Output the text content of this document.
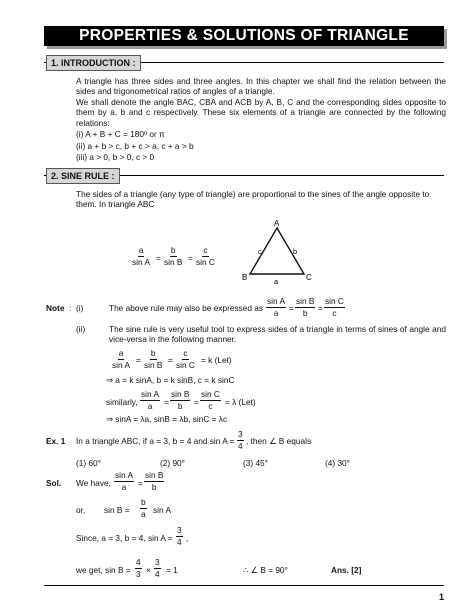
PROPERTIES & SOLUTIONS OF TRIANGLE
1. INTRODUCTION :
A triangle has three sides and three angles. In this chapter we shall find the relation between the sides and trigonometrical ratios of angles of a triangle.
We shall denote the angle BAC, CBA and ACB by A, B, C and the corresponding sides opposite to them by a, b and c respectively. These six elements of a triangle are connected by the following relations:
(i) A + B + C = 180º or π
(ii) a + b > c, b + c > a, c + a > b
(iii) a > 0, b > 0, c > 0
2. SINE RULE :
The sides of a triangle (any type of triangle) are proportional to the sines of the angle opposite to them. In triangle ABC
$\frac{a}{\text{sin A}} = \frac{b}{\text{sin B}} = \frac{c}{\text{sin C}}$
A
B	C
c	b
a
Note : (i)	The above rule may also be expressed as $\frac{\text{sin A}}{a} = \frac{\text{sin B}}{b} = \frac{\text{sin C}}{c}$
(ii)	The sine rule is very useful tool to express sides of a triangle in terms of sines of angle and vice-versa in the following manner.
$\frac{a}{\text{sin A}} = \frac{b}{\text{sin B}} = \frac{c}{\text{sin C}} = k$ (Let)
⇒ a = k sinA, b = k sinB, c = k sinC
similarly, $\frac{\text{sin A}}{a} = \frac{\text{sin B}}{b} = \frac{\text{sin C}}{c} = \lambda$ (Let)
⇒ sinA = λa, sinB = λb, sinC = λc
Ex. 1 In a triangle ABC, if a = 3, b = 4 and $\sin A = \frac{3}{4}$ , then ∠ B equals
(1) 60°	(2) 90°	(3) 45°	(4) 30°
Sol. We have, $\frac{\text{sin A}}{a} = \frac{\text{sin B}}{b}$
or, $\sin B = \frac{b}{a}$ sin A
Since, a = 3, b = 4, $\sin A = \frac{3}{4}$ ,
we get, $\sin B = \frac{4}{3} \times \frac{3}{4} = 1$	∴ ∠ B = 90°	Ans. [2]
1
